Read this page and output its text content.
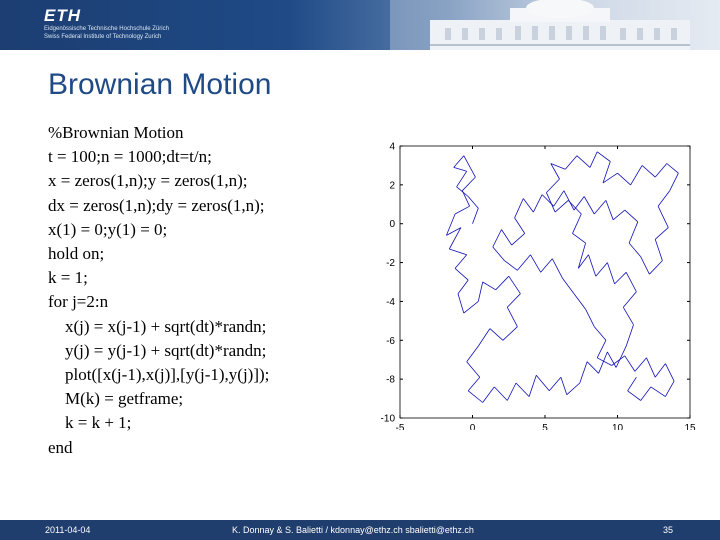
ETH
Eidgenössische Technische Hochschule Zürich
Swiss Federal Institute of Technology Zurich
Brownian Motion
%Brownian Motion
t = 100;n = 1000;dt=t/n;
x = zeros(1,n);y = zeros(1,n);
dx = zeros(1,n);dy = zeros(1,n);
x(1) = 0;y(1) = 0;
hold on;
k = 1;
for j=2:n
x(j) = x(j-1) + sqrt(dt)*randn;
y(j) = y(j-1) + sqrt(dt)*randn;
plot([x(j-1),x(j)],[y(j-1),y(j)]);
M(k) = getframe;
k = k + 1;
end
-5	0	5	10	15
4
2
0
-2
-4
-6
-8
-10
2011-04-04	K. Donnay & S. Balietti / kdonnay@ethz.ch sbalietti@ethz.ch	35
